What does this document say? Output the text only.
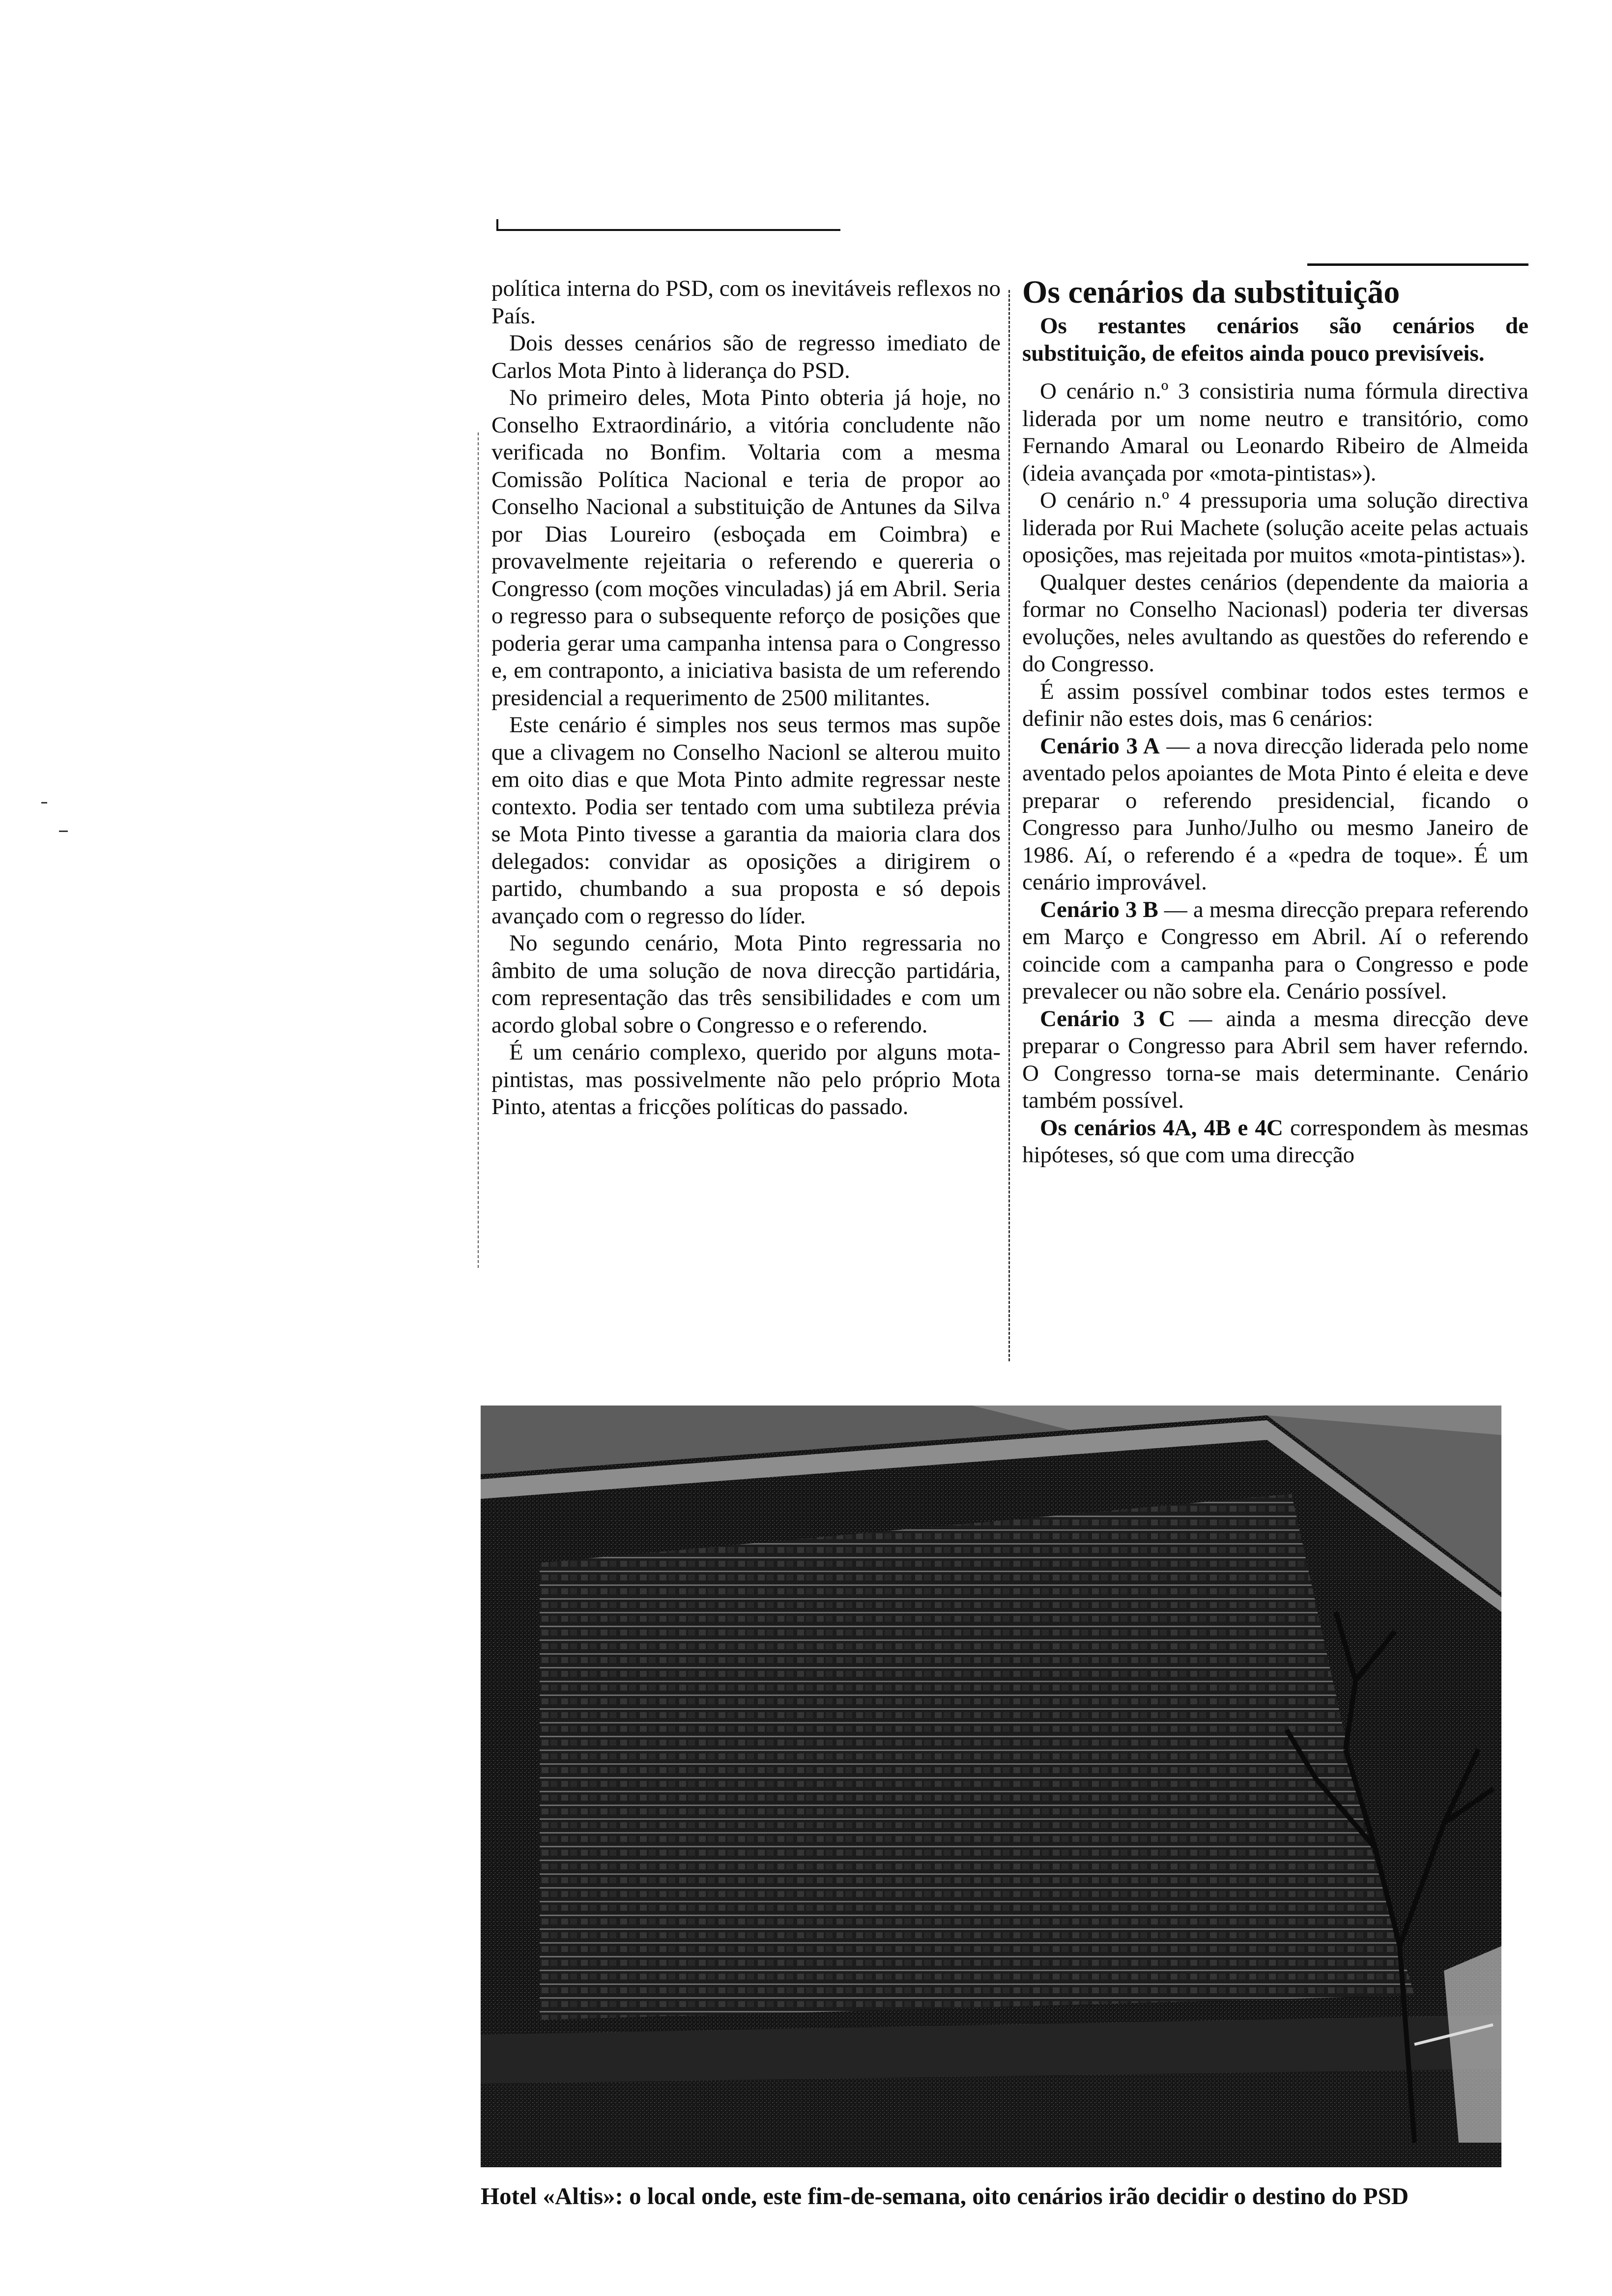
política interna do PSD, com os inevitáveis reflexos no País.

Dois desses cenários são de regresso imediato de Carlos Mota Pinto à liderança do PSD.

No primeiro deles, Mota Pinto obteria já hoje, no Conselho Extraordinário, a vitória concludente não verificada no Bonfim. Voltaria com a mesma Comissão Política Nacional e teria de propor ao Conselho Nacional a substituição de Antunes da Silva por Dias Loureiro (esboçada em Coimbra) e provavelmente rejeitaria o referendo e quereria o Congresso (com moções vinculadas) já em Abril. Seria o regresso para o subsequente reforço de posições que poderia gerar uma campanha intensa para o Congresso e, em contraponto, a iniciativa basista de um referendo presidencial a requerimento de 2500 militantes.

Este cenário é simples nos seus termos mas supõe que a clivagem no Conselho Nacionl se alterou muito em oito dias e que Mota Pinto admite regressar neste contexto. Podia ser tentado com uma subtileza prévia se Mota Pinto tivesse a garantia da maioria clara dos delegados: convidar as oposições a dirigirem o partido, chumbando a sua proposta e só depois avançado com o regresso do líder.

No segundo cenário, Mota Pinto regressaria no âmbito de uma solução de nova direcção partidária, com representação das três sensibilidades e com um acordo global sobre o Congresso e o referendo.

É um cenário complexo, querido por alguns mota-pintistas, mas possivelmente não pelo próprio Mota Pinto, atentas a fricções políticas do passado.

Os cenários da substituição

Os restantes cenários são cenários de substituição, de efeitos ainda pouco previsíveis.

O cenário n.º 3 consistiria numa fórmula directiva liderada por um nome neutro e transitório, como Fernando Amaral ou Leonardo Ribeiro de Almeida (ideia avançada por «mota-pintistas»).

O cenário n.º 4 pressuporia uma solução directiva liderada por Rui Machete (solução aceite pelas actuais oposições, mas rejeitada por muitos «mota-pintistas»).

Qualquer destes cenários (dependente da maioria a formar no Conselho Nacionasl) poderia ter diversas evoluções, neles avultando as questões do referendo e do Congresso.

É assim possível combinar todos estes termos e definir não estes dois, mas 6 cenários:

Cenário 3 A — a nova direcção liderada pelo nome aventado pelos apoiantes de Mota Pinto é eleita e deve preparar o referendo presidencial, ficando o Congresso para Junho/Julho ou mesmo Janeiro de 1986. Aí, o referendo é a «pedra de toque». É um cenário improvável.

Cenário 3 B — a mesma direcção prepara referendo em Março e Congresso em Abril. Aí o referendo coincide com a campanha para o Congresso e pode prevalecer ou não sobre ela. Cenário possível.

Cenário 3 C — ainda a mesma direcção deve preparar o Congresso para Abril sem haver referndo. O Congresso torna-se mais determinante. Cenário também possível.

Os cenários 4A, 4B e 4C correspondem às mesmas hipóteses, só que com uma direcção

Hotel «Altis»: o local onde, este fim-de-semana, oito cenários irão decidir o destino do PSD
